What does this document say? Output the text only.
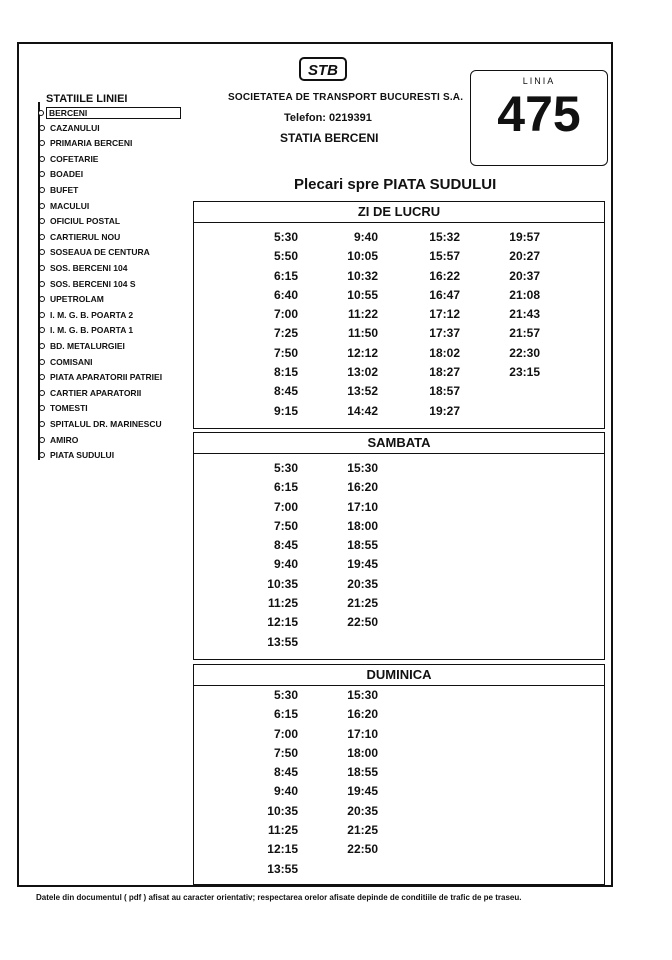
STB
SOCIETATEA DE TRANSPORT BUCURESTI S.A.
Telefon: 0219391
STATIA BERCENI
LINIA
475
STATIILE LINIEI
BERCENI
CAZANULUI
PRIMARIA BERCENI
COFETARIE
BOADEI
BUFET
MACULUI
OFICIUL POSTAL
CARTIERUL NOU
SOSEAUA DE CENTURA
SOS. BERCENI 104
SOS. BERCENI 104 S
UPETROLAM
I. M. G. B. POARTA 2
I. M. G. B. POARTA 1
BD. METALURGIEI
COMISANI
PIATA APARATORII PATRIEI
CARTIER APARATORII
TOMESTI
SPITALUL DR. MARINESCU
AMIRO
PIATA SUDULUI
Plecari spre PIATA SUDULUI
ZI DE LUCRU
5:30
5:50
6:15
6:40
7:00
7:25
7:50
8:15
8:45
9:15
9:40
10:05
10:32
10:55
11:22
11:50
12:12
13:02
13:52
14:42
15:32
15:57
16:22
16:47
17:12
17:37
18:02
18:27
18:57
19:27
19:57
20:27
20:37
21:08
21:43
21:57
22:30
23:15
SAMBATA
5:30
6:15
7:00
7:50
8:45
9:40
10:35
11:25
12:15
13:55
15:30
16:20
17:10
18:00
18:55
19:45
20:35
21:25
22:50
DUMINICA
5:30
6:15
7:00
7:50
8:45
9:40
10:35
11:25
12:15
13:55
15:30
16:20
17:10
18:00
18:55
19:45
20:35
21:25
22:50
Datele din documentul ( pdf ) afisat au caracter orientativ; respectarea orelor afisate depinde de conditiile de trafic de pe traseu.
